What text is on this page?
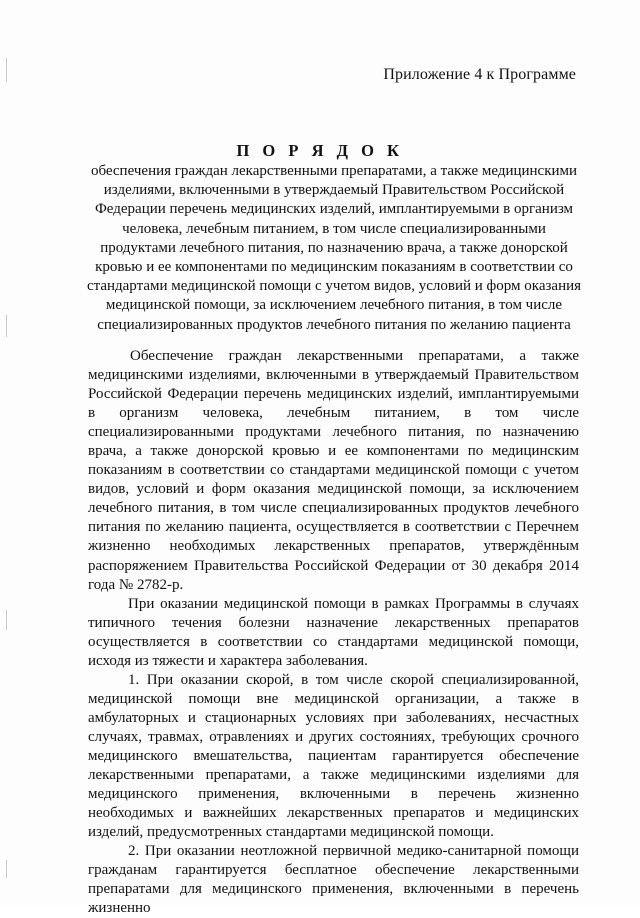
Приложение 4 к Программе
П О Р Я Д О К
обеспечения граждан лекарственными препаратами, а также медицинскими изделиями, включенными в утверждаемый Правительством Российской Федерации перечень медицинских изделий, имплантируемыми в организм человека, лечебным питанием, в том числе специализированными продуктами лечебного питания, по назначению врача, а также донорской кровью и ее компонентами по медицинским показаниям в соответствии со стандартами медицинской помощи с учетом видов, условий и форм оказания медицинской помощи, за исключением лечебного питания, в том числе специализированных продуктов лечебного питания по желанию пациента

Обеспечение граждан лекарственными препаратами, а также медицинскими изделиями, включенными в утверждаемый Правительством Российской Федерации перечень медицинских изделий, имплантируемыми в организм человека, лечебным питанием, в том числе специализированными продуктами лечебного питания, по назначению врача, а также донорской кровью и ее компонентами по медицинским показаниям в соответствии со стандартами медицинской помощи с учетом видов, условий и форм оказания медицинской помощи, за исключением лечебного питания, в том числе специализированных продуктов лечебного питания по желанию пациента, осуществляется в соответствии с Перечнем жизненно необходимых лекарственных препаратов, утверждённым распоряжением Правительства Российской Федерации от 30 декабря 2014 года № 2782-р.

При оказании медицинской помощи в рамках Программы в случаях типичного течения болезни назначение лекарственных препаратов осуществляется в соответствии со стандартами медицинской помощи, исходя из тяжести и характера заболевания.

1. При оказании скорой, в том числе скорой специализированной, медицинской помощи вне медицинской организации, а также в амбулаторных и стационарных условиях при заболеваниях, несчастных случаях, травмах, отравлениях и других состояниях, требующих срочного медицинского вмешательства, пациентам гарантируется обеспечение лекарственными препаратами, а также медицинскими изделиями для медицинского применения, включенными в перечень жизненно необходимых и важнейших лекарственных препаратов и медицинских изделий, предусмотренных стандартами медицинской помощи.

2. При оказании неотложной первичной медико-санитарной помощи гражданам гарантируется бесплатное обеспечение лекарственными препаратами для медицинского применения, включенными в перечень жизненно
